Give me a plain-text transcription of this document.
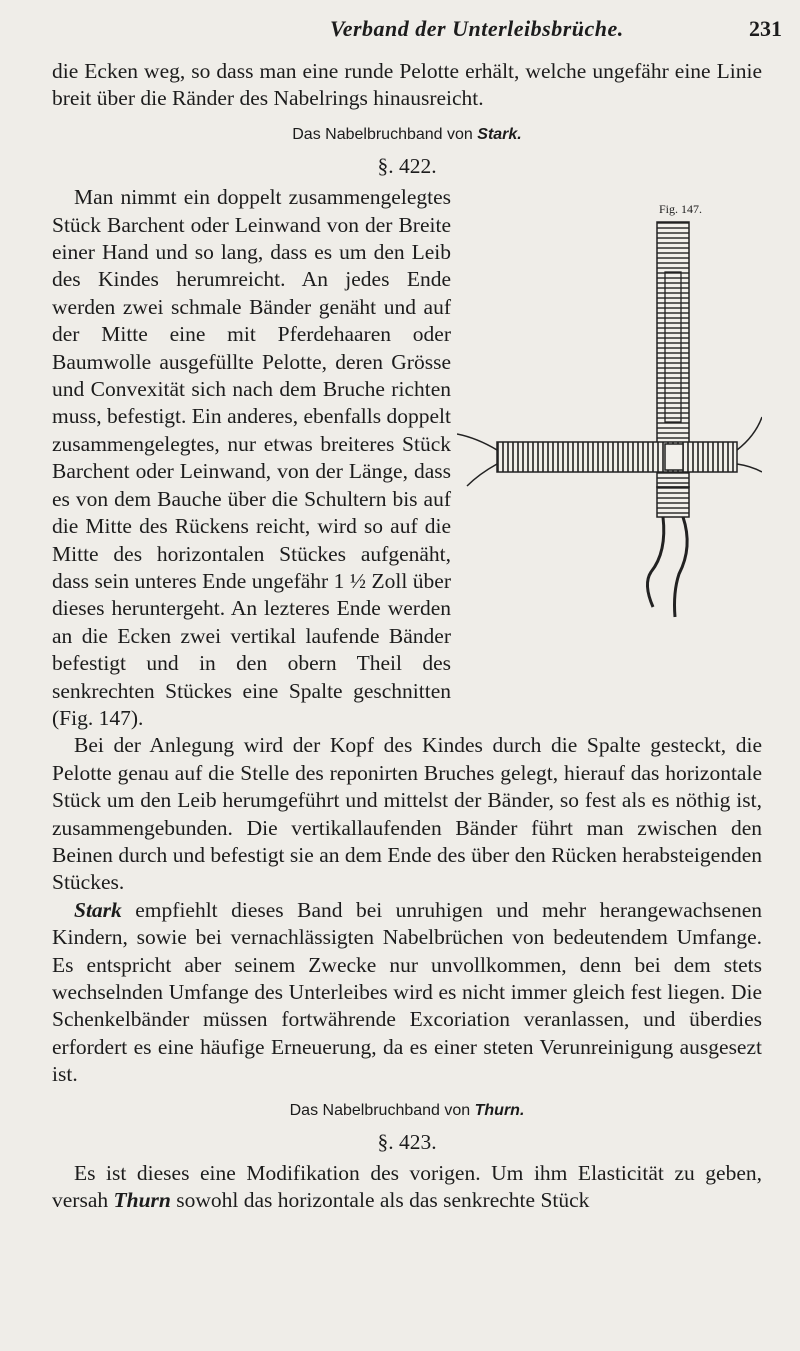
Verband der Unterleibsbrüche.	231

die Ecken weg, so dass man eine runde Pelotte erhält, welche ungefähr eine Linie breit über die Ränder des Nabelrings hinausreicht.

Das Nabelbruchband von Stark.

§. 422.

Fig. 147.
Man nimmt ein doppelt zusammengelegtes Stück Barchent oder Leinwand von der Breite einer Hand und so lang, dass es um den Leib des Kindes herumreicht. An jedes Ende werden zwei schmale Bänder genäht und auf der Mitte eine mit Pferdehaaren oder Baumwolle ausgefüllte Pelotte, deren Grösse und Convexität sich nach dem Bruche richten muss, befestigt. Ein anderes, ebenfalls doppelt zusammengelegtes, nur etwas breiteres Stück Barchent oder Leinwand, von der Länge, dass es von dem Bauche über die Schultern bis auf die Mitte des Rückens reicht, wird so auf die Mitte des horizontalen Stückes aufgenäht, dass sein unteres Ende ungefähr 1 ½ Zoll über dieses heruntergeht. An lezteres Ende werden an die Ecken zwei vertikal laufende Bänder befestigt und in den obern Theil des senkrechten Stückes eine Spalte geschnitten (Fig. 147).

Bei der Anlegung wird der Kopf des Kindes durch die Spalte gesteckt, die Pelotte genau auf die Stelle des reponirten Bruches gelegt, hierauf das horizontale Stück um den Leib herumgeführt und mittelst der Bänder, so fest als es nöthig ist, zusammengebunden. Die vertikallaufenden Bänder führt man zwischen den Beinen durch und befestigt sie an dem Ende des über den Rücken herabsteigenden Stückes.

Stark empfiehlt dieses Band bei unruhigen und mehr herangewachsenen Kindern, sowie bei vernachlässigten Nabelbrüchen von bedeutendem Umfange. Es entspricht aber seinem Zwecke nur unvollkommen, denn bei dem stets wechselnden Umfange des Unterleibes wird es nicht immer gleich fest liegen. Die Schenkelbänder müssen fortwährende Excoriation veranlassen, und überdies erfordert es eine häufige Erneuerung, da es einer steten Verunreinigung ausgesezt ist.

Das Nabelbruchband von Thurn.

§. 423.

Es ist dieses eine Modifikation des vorigen. Um ihm Elasticität zu geben, versah Thurn sowohl das horizontale als das senkrechte Stück
